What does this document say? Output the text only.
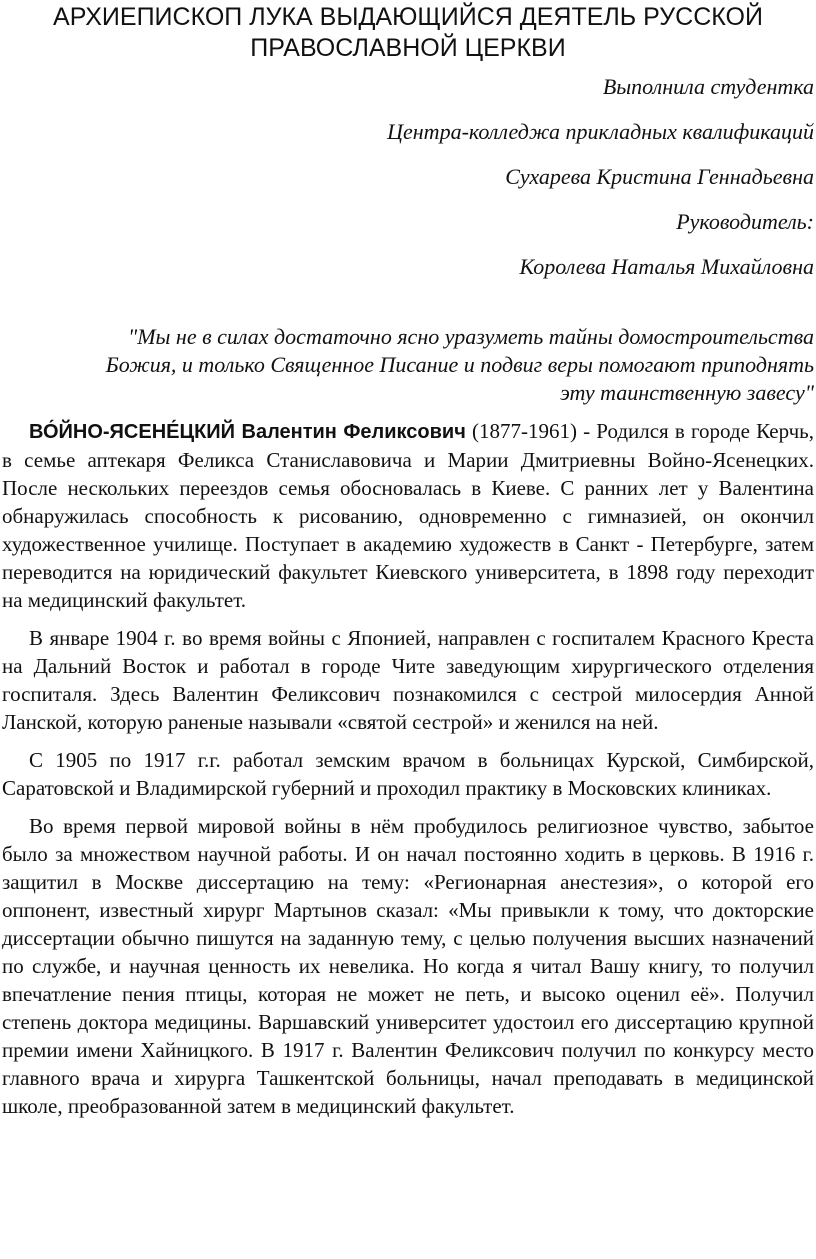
АРХИЕПИСКОП ЛУКА ВЫДАЮЩИЙСЯ ДЕЯТЕЛЬ РУССКОЙ ПРАВОСЛАВНОЙ ЦЕРКВИ
Выполнила студентка
Центра-колледжа прикладных квалификаций
Сухарева Кристина Геннадьевна
Руководитель:
Королева Наталья Михайловна
"Мы не в силах достаточно ясно уразуметь тайны домостроительства
Божия, и только Священное Писание и подвиг веры помогают приподнять
эту таинственную завесу"

ВО́ЙНО-ЯСЕНЕ́ЦКИЙ Валентин Феликсович (1877-1961) - Родился в городе Керчь, в семье аптекаря Феликса Станиславовича и Марии Дмитриевны Войно-Ясенецких. После нескольких переездов семья обосновалась в Киеве. С ранних лет у Валентина обнаружилась способность к рисованию, одновременно с гимназией, он окончил художественное училище. Поступает в академию художеств в Санкт - Петербурге, затем переводится на юридический факультет Киевского университета, в 1898 году переходит на медицинский факультет.

В январе 1904 г. во время войны с Японией, направлен с госпиталем Красного Креста на Дальний Восток и работал в городе Чите заведующим хирургического отделения госпиталя. Здесь Валентин Феликсович познакомился с сестрой милосердия Анной Ланской, которую раненые называли «святой сестрой» и женился на ней.

С 1905 по 1917 г.г. работал земским врачом в больницах Курской, Симбирской, Саратовской и Владимирской губерний и проходил практику в Московских клиниках.

Во время первой мировой войны в нём пробудилось религиозное чувство, забытое было за множеством научной работы. И он начал постоянно ходить в церковь. В 1916 г. защитил в Москве диссертацию на тему: «Регионарная анестезия», о которой его оппонент, известный хирург Мартынов сказал: «Мы привыкли к тому, что докторские диссертации обычно пишутся на заданную тему, с целью получения высших назначений по службе, и научная ценность их невелика. Но когда я читал Вашу книгу, то получил впечатление пения птицы, которая не может не петь, и высоко оценил её». Получил степень доктора медицины. Варшавский университет удостоил его диссертацию крупной премии имени Хайницкого. В 1917 г. Валентин Феликсович получил по конкурсу место главного врача и хирурга Ташкентской больницы, начал преподавать в медицинской школе, преобразованной затем в медицинский факультет.
